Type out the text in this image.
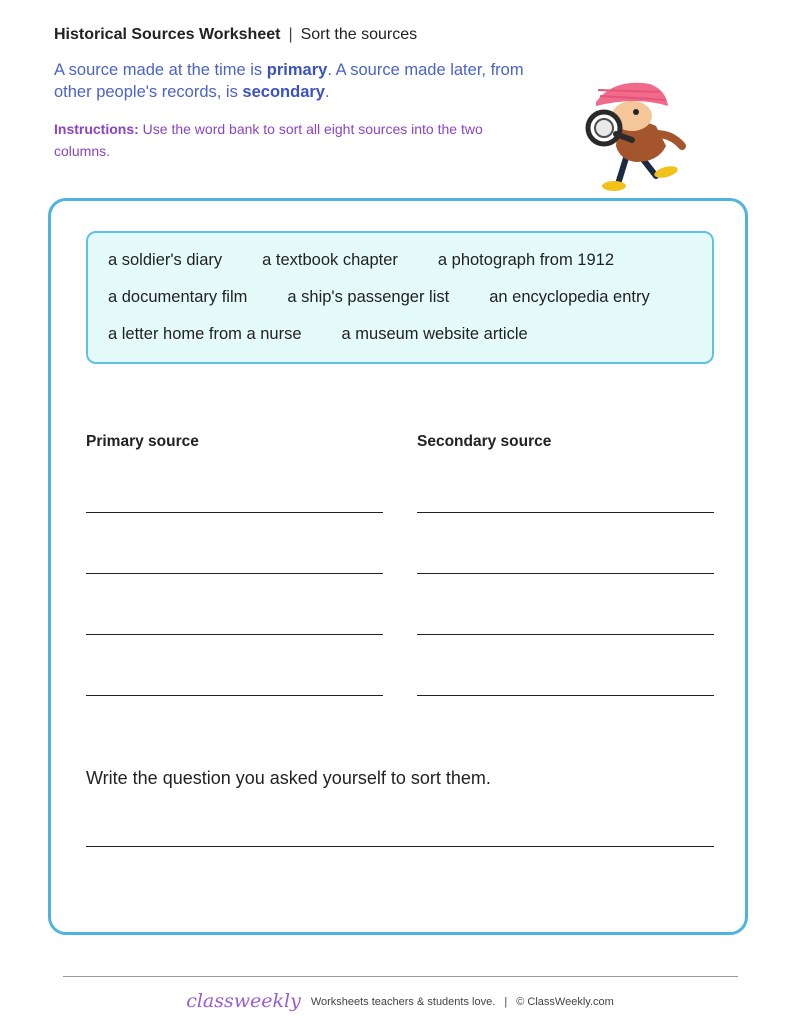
Historical Sources Worksheet | Sort the sources
A source made at the time is primary. A source made later, from other people's records, is secondary.
Instructions: Use the word bank to sort all eight sources into the two columns.
a soldier's diary a textbook chapter a photograph from 1912
a documentary film a ship's passenger list an encyclopedia entry
a letter home from a nurse a museum website article
Primary source	Secondary source
Write the question you asked yourself to sort them.
classweekly Worksheets teachers & students love. | © ClassWeekly.com
